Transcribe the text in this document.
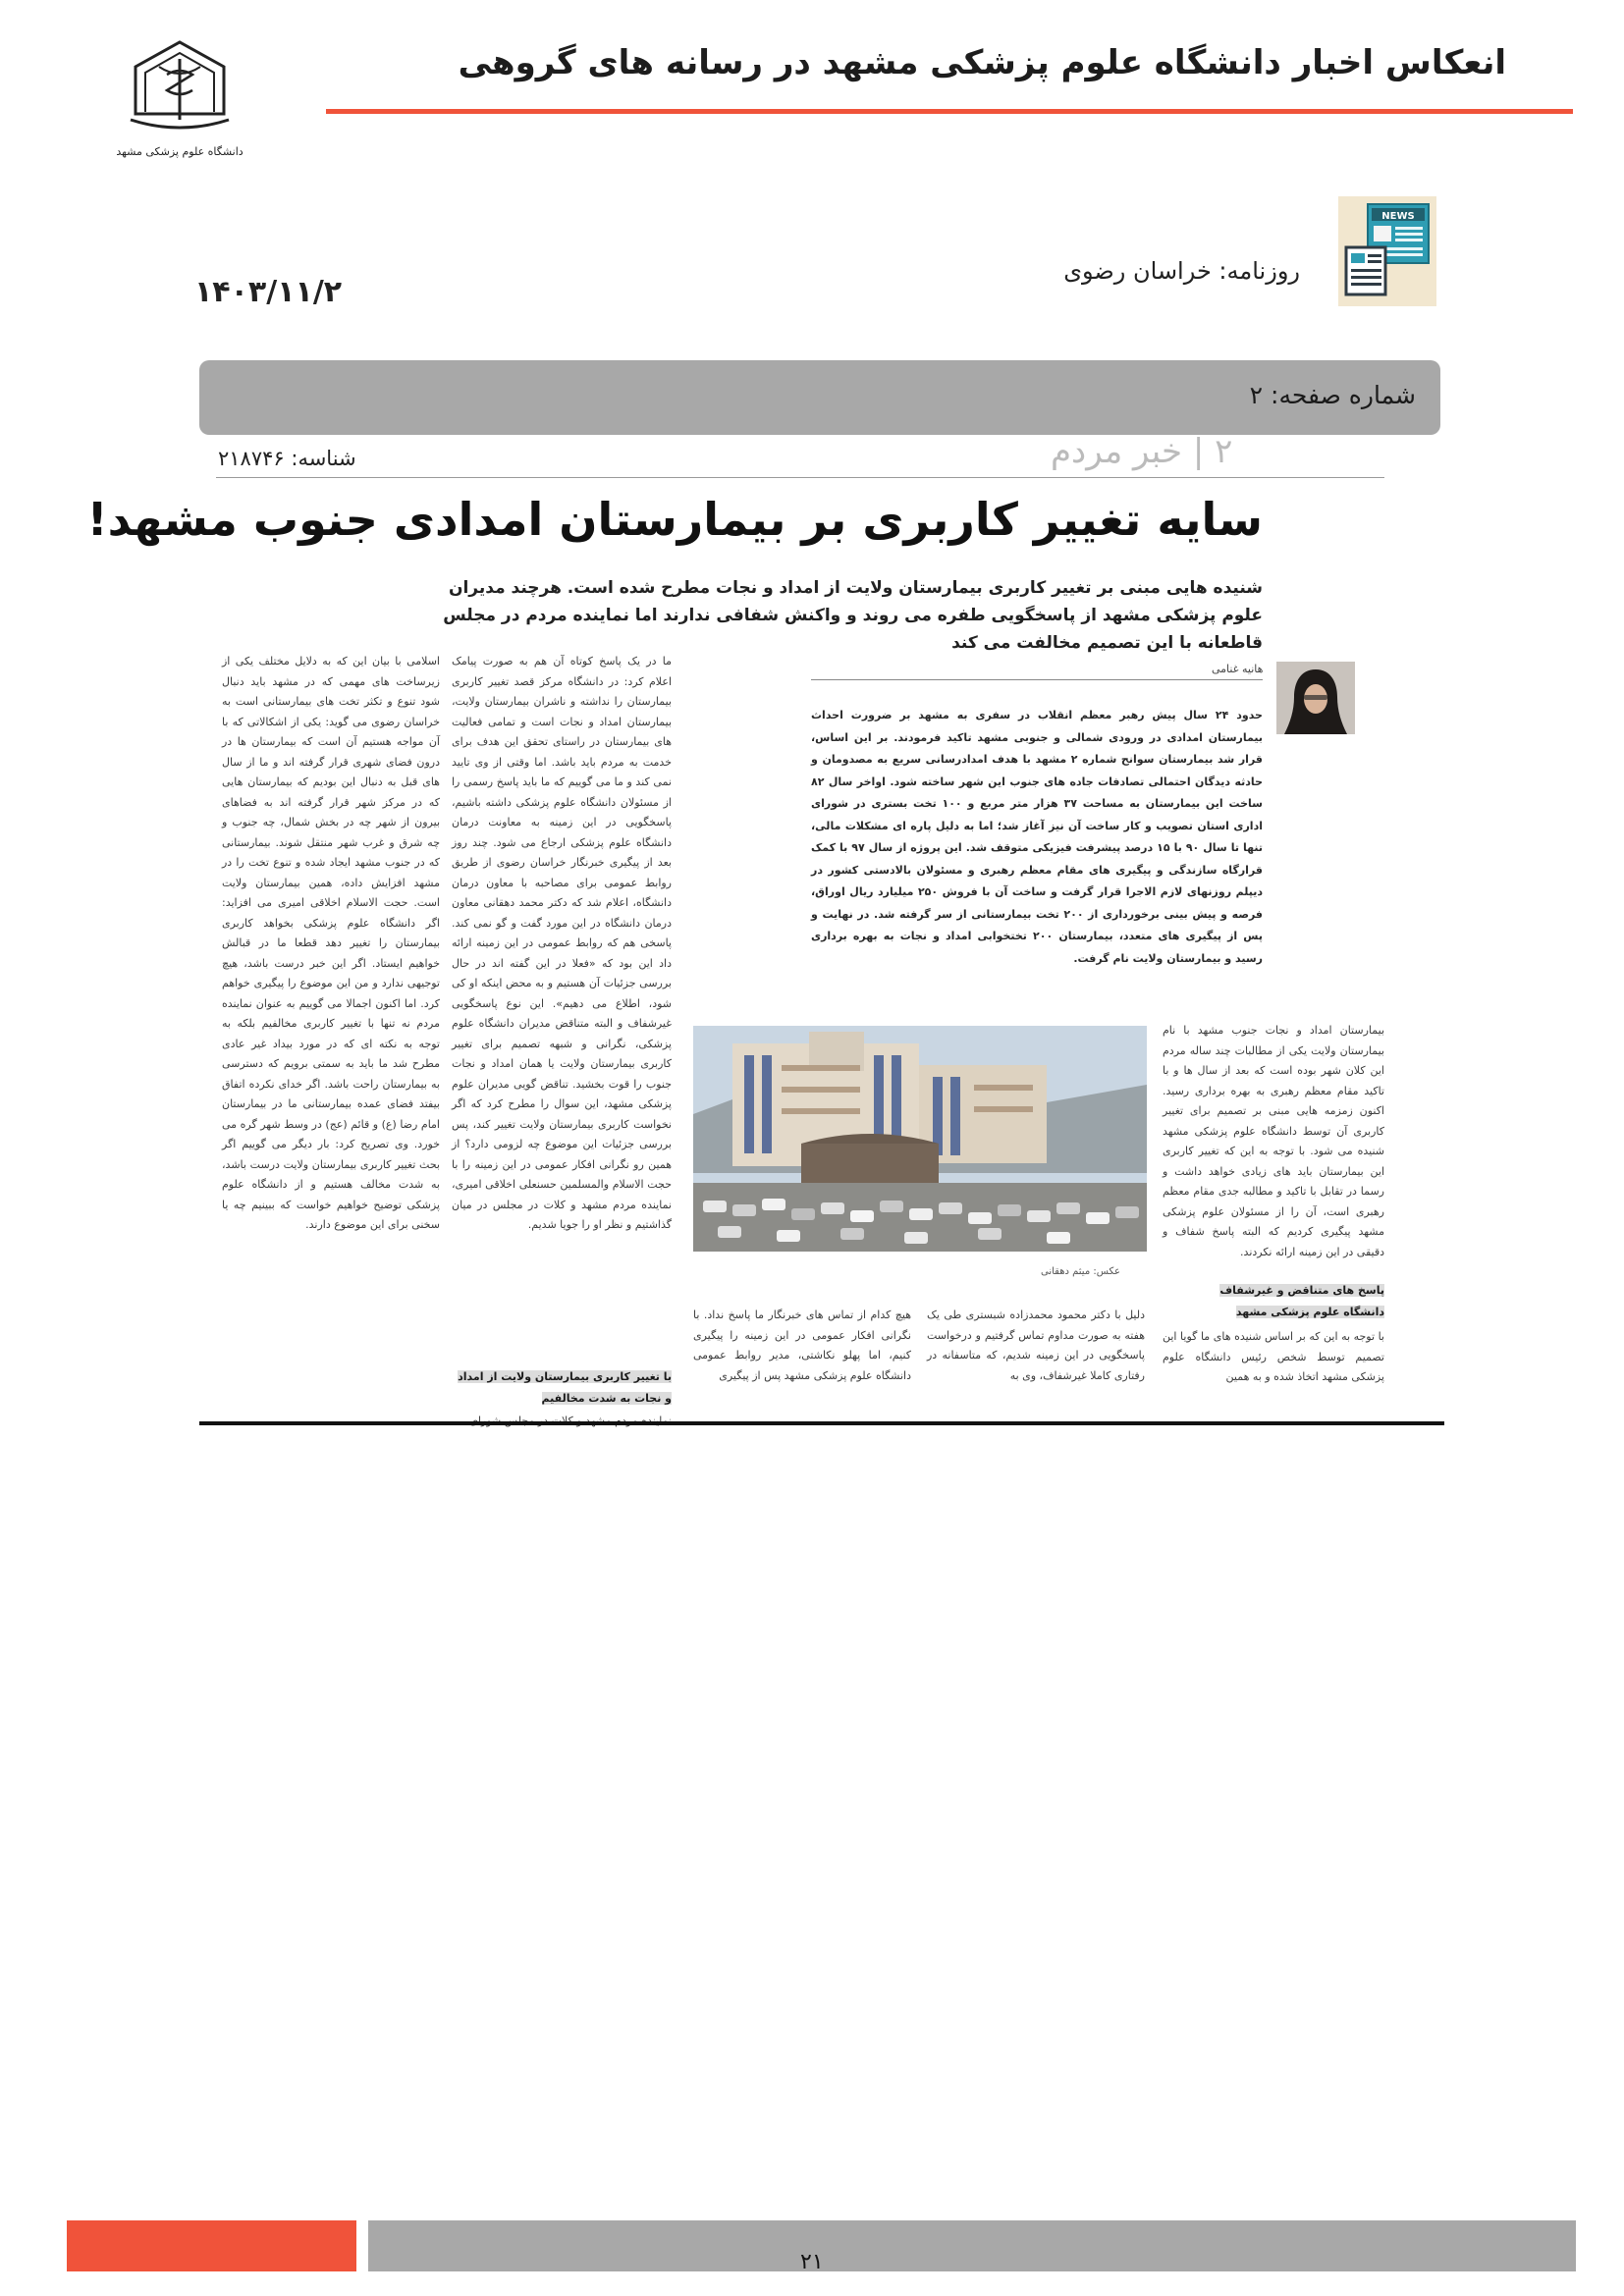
دانشگاه علوم پزشکی مشهد
انعکاس اخبار دانشگاه علوم پزشکی مشهد در رسانه های گروهی
NEWS
روزنامه: خراسان رضوی
۱۴۰۳/۱۱/۲
شماره صفحه: ۲
۲ | خبر مردم
شناسه: ۲۱۸۷۴۶
سایه تغییر کاربری بر بیمارستان امدادی جنوب مشهد!
شنیده هایی مبنی بر تغییر کاربری بیمارستان ولایت از امداد و نجات مطرح شده است. هرچند مدیران علوم پزشکی مشهد از پاسخگویی طفره می روند و واکنش شفافی ندارند اما نماینده مردم در مجلس قاطعانه با این تصمیم مخالفت می کند
هانیه غنامی
حدود ۲۴ سال پیش رهبر معظم انقلاب در سفری به مشهد بر ضرورت احداث بیمارستان امدادی در ورودی شمالی و جنوبی مشهد تاکید فرمودند. بر این اساس، قرار شد بیمارستان سوانح شماره ۲ مشهد با هدف امدادرسانی سریع به مصدومان و حادثه دیدگان احتمالی تصادفات جاده های جنوب این شهر ساخته شود. اواخر سال ۸۲ ساخت این بیمارستان به مساحت ۳۷ هزار متر مربع و ۱۰۰ تخت بستری در شورای اداری استان تصویب و کار ساخت آن نیز آغاز شد؛ اما به دلیل پاره ای مشکلات مالی، تنها تا سال ۹۰ با ۱۵ درصد پیشرفت فیزیکی متوقف شد. این پروژه از سال ۹۷ با کمک قرارگاه سازندگی و پیگیری های مقام معظم رهبری و مسئولان بالادستی کشور در دیپلم روزنهای لازم الاجرا قرار گرفت و ساخت آن با فروش ۲۵۰ میلیارد ریال اوراق، فرصه و پیش بینی برخورداری از ۲۰۰ تخت بیمارستانی از سر گرفته شد. در نهایت و پس از پیگیری های متعدد، بیمارستان ۲۰۰ تختخوابی امداد و نجات به بهره برداری رسید و بیمارستان ولایت نام گرفت.
عکس: میثم دهقانی
بیمارستان امداد و نجات جنوب مشهد با نام بیمارستان ولایت یکی از مطالبات چند ساله مردم این کلان شهر بوده است که بعد از سال ها و با تاکید مقام معظم رهبری به بهره برداری رسید. اکنون زمزمه هایی مبنی بر تصمیم برای تغییر کاربری آن توسط دانشگاه علوم پزشکی مشهد شنیده می شود. با توجه به این که تغییر کاربری این بیمارستان باید های زیادی خواهد داشت و رسما در تقابل با تاکید و مطالبه جدی مقام معظم رهبری است، آن را از مسئولان علوم پزشکی مشهد پیگیری کردیم که البته پاسخ شفاف و دقیقی در این زمینه ارائه نکردند.
پاسخ های متناقض و غیرشفاف دانشگاه علوم پزشکی مشهد
با توجه به این که بر اساس شنیده های ما گویا این تصمیم توسط شخص رئیس دانشگاه علوم پزشکی مشهد اتخاذ شده و به همین
دلیل با دکتر محمود محمدزاده شبستری طی یک هفته به صورت مداوم تماس گرفتیم و درخواست پاسخگویی در این زمینه شدیم، که متاسفانه در رفتاری کاملا غیرشفاف، وی به
هیچ کدام از تماس های خبرنگار ما پاسخ نداد. با نگرانی افکار عمومی در این زمینه را پیگیری کنیم، اما پهلو نکاشتی، مدیر روابط عمومی دانشگاه علوم پزشکی مشهد پس از پیگیری
ما در یک پاسخ کوتاه آن هم به صورت پیامک اعلام کرد: در دانشگاه مرکز قصد تغییر کاربری بیمارستان را نداشته و ناشران بیمارستان ولایت، بیمارستان امداد و نجات است و تمامی فعالیت های بیمارستان در راستای تحقق این هدف برای خدمت به مردم باید باشد. اما وقتی از وی تایید نمی کند و ما می گوییم که ما باید پاسخ رسمی را از مسئولان دانشگاه علوم پزشکی داشته باشیم، پاسخگویی در این زمینه به معاونت درمان دانشگاه علوم پزشکی ارجاع می شود. چند روز بعد از پیگیری خبرنگار خراسان رضوی از طریق روابط عمومی برای مصاحبه با معاون درمان دانشگاه، اعلام شد که دکتر محمد دهقانی معاون درمان دانشگاه در این مورد گفت و گو نمی کند. پاسخی هم که روابط عمومی در این زمینه ارائه داد این بود که «فعلا در این گفته اند در حال بررسی جزئیات آن هستیم و به محض اینکه او کی شود، اطلاع می دهیم». این نوع پاسخگویی غیرشفاف و البته متناقض مدیران دانشگاه علوم پزشکی، نگرانی و شبهه تصمیم برای تغییر کاربری بیمارستان ولایت یا همان امداد و نجات جنوب را قوت بخشید. تناقض گویی مدیران علوم پزشکی مشهد، این سوال را مطرح کرد که اگر نخواست کاربری بیمارستان ولایت تغییر کند، پس بررسی جزئیات این موضوع چه لزومی دارد؟ از همین رو نگرانی افکار عمومی در این زمینه را با حجت الاسلام والمسلمین حسنعلی اخلاقی امیری، نماینده مردم مشهد و کلات در مجلس در میان گذاشتیم و نظر او را جویا شدیم.
با تغییر کاربری بیمارستان ولایت از امداد و نجات به شدت مخالفیم
اسلامی با بیان این که به دلایل مختلف یکی از زیرساخت های مهمی که در مشهد باید دنبال شود تنوع و تکثر تخت های بیمارستانی است به خراسان رضوی می گوید: یکی از اشکالاتی که با آن مواجه هستیم آن است که بیمارستان ها در درون فضای شهری قرار گرفته اند و ما از سال های قبل به دنبال این بودیم که بیمارستان هایی که در مرکز شهر قرار گرفته اند به فضاهای بیرون از شهر چه در بخش شمال، چه جنوب و چه شرق و غرب شهر منتقل شوند. بیمارستانی که در جنوب مشهد ایجاد شده و تنوع تخت را در مشهد افزایش داده، همین بیمارستان ولایت است. حجت الاسلام اخلاقی امیری می افزاید: اگر دانشگاه علوم پزشکی بخواهد کاربری بیمارستان را تغییر دهد قطعا ما در قبالش خواهیم ایستاد. اگر این خبر درست باشد، هیچ توجیهی ندارد و من این موضوع را پیگیری خواهم کرد. اما اکنون اجمالا می گوییم به عنوان نماینده مردم نه تنها با تغییر کاربری مخالفیم بلکه به توجه به نکته ای که در مورد بیداد غیر عادی مطرح شد ما باید به سمتی برویم که دسترسی به بیمارستان راحت باشد. اگر خدای نکرده اتفاق بیفتد فضای عمده بیمارستانی ما در بیمارستان امام رضا (ع) و قائم (عج) در وسط شهر گره می خورد. وی تصریح کرد: بار دیگر می گوییم اگر بحث تغییر کاربری بیمارستان ولایت درست باشد، به شدت مخالف هستیم و از دانشگاه علوم پزشکی توضیح خواهیم خواست که ببینیم چه یا سخنی برای این موضوع دارند.
۲۱
